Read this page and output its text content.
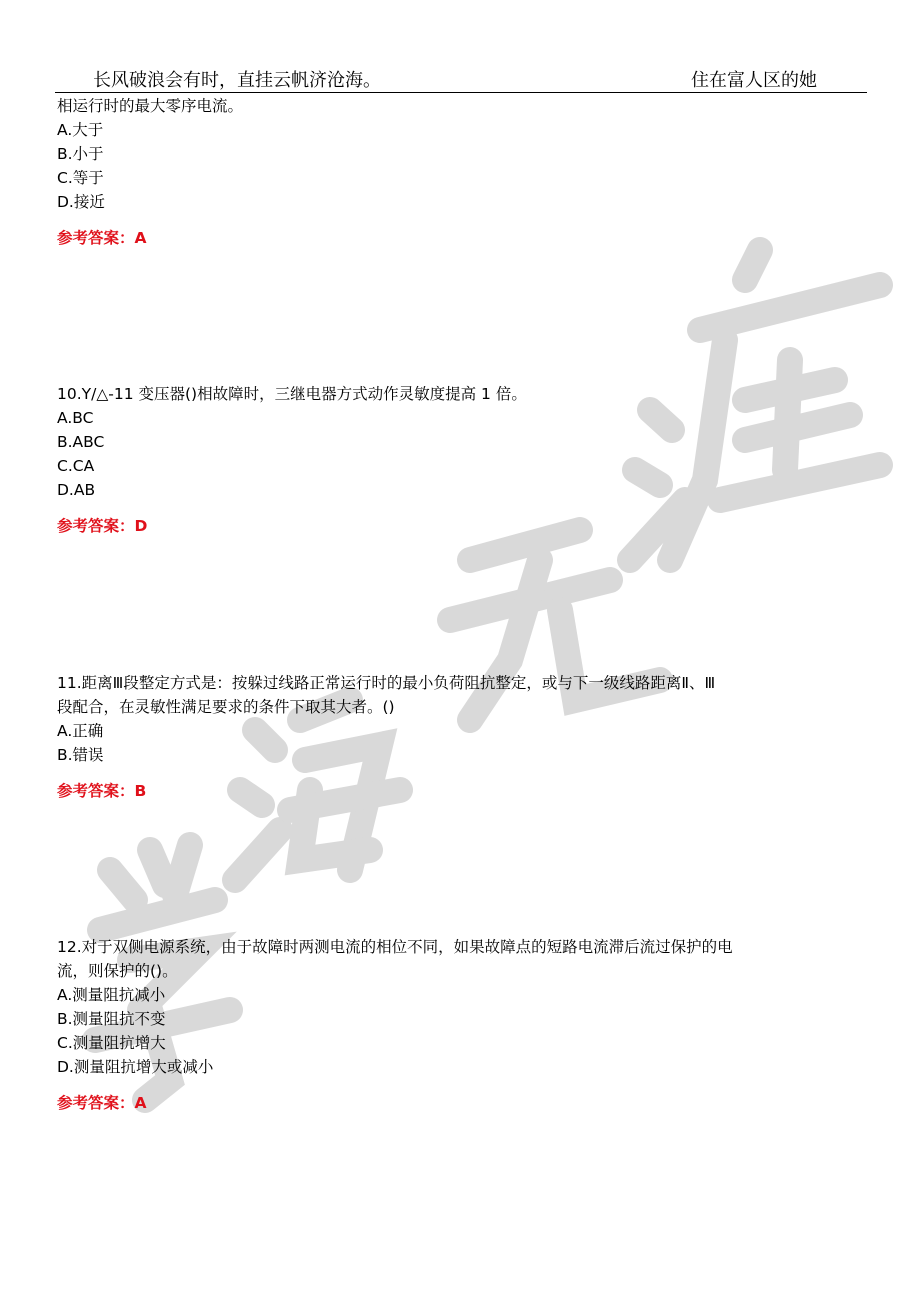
长风破浪会有时，直挂云帆济沧海。	住在富人区的她
相运行时的最大零序电流。
A.大于
B.小于
C.等于
D.接近
参考答案：A
10.Y/△-11 变压器()相故障时，三继电器方式动作灵敏度提高 1 倍。
A.BC
B.ABC
C.CA
D.AB
参考答案：D
11.距离Ⅲ段整定方式是：按躲过线路正常运行时的最小负荷阻抗整定，或与下一级线路距离Ⅱ、Ⅲ
段配合，在灵敏性满足要求的条件下取其大者。()
A.正确
B.错误
参考答案：B
12.对于双侧电源系统，由于故障时两测电流的相位不同，如果故障点的短路电流滞后流过保护的电
流，则保护的()。
A.测量阻抗减小
B.测量阻抗不变
C.测量阻抗增大
D.测量阻抗增大或减小
参考答案：A
